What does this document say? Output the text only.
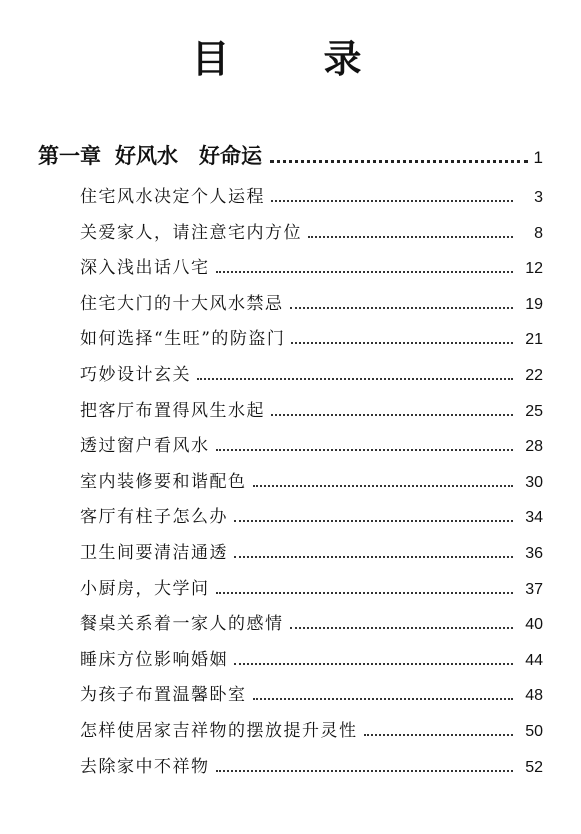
目　录
第一章 好风水　好命运	1
住宅风水决定个人运程	3
关爱家人，请注意宅内方位	8
深入浅出话八宅	12
住宅大门的十大风水禁忌	19
如何选择“生旺”的防盗门	21
巧妙设计玄关	22
把客厅布置得风生水起	25
透过窗户看风水	28
室内装修要和谐配色	30
客厅有柱子怎么办	34
卫生间要清洁通透	36
小厨房，大学问	37
餐桌关系着一家人的感情	40
睡床方位影响婚姻	44
为孩子布置温馨卧室	48
怎样使居家吉祥物的摆放提升灵性	50
去除家中不祥物	52
